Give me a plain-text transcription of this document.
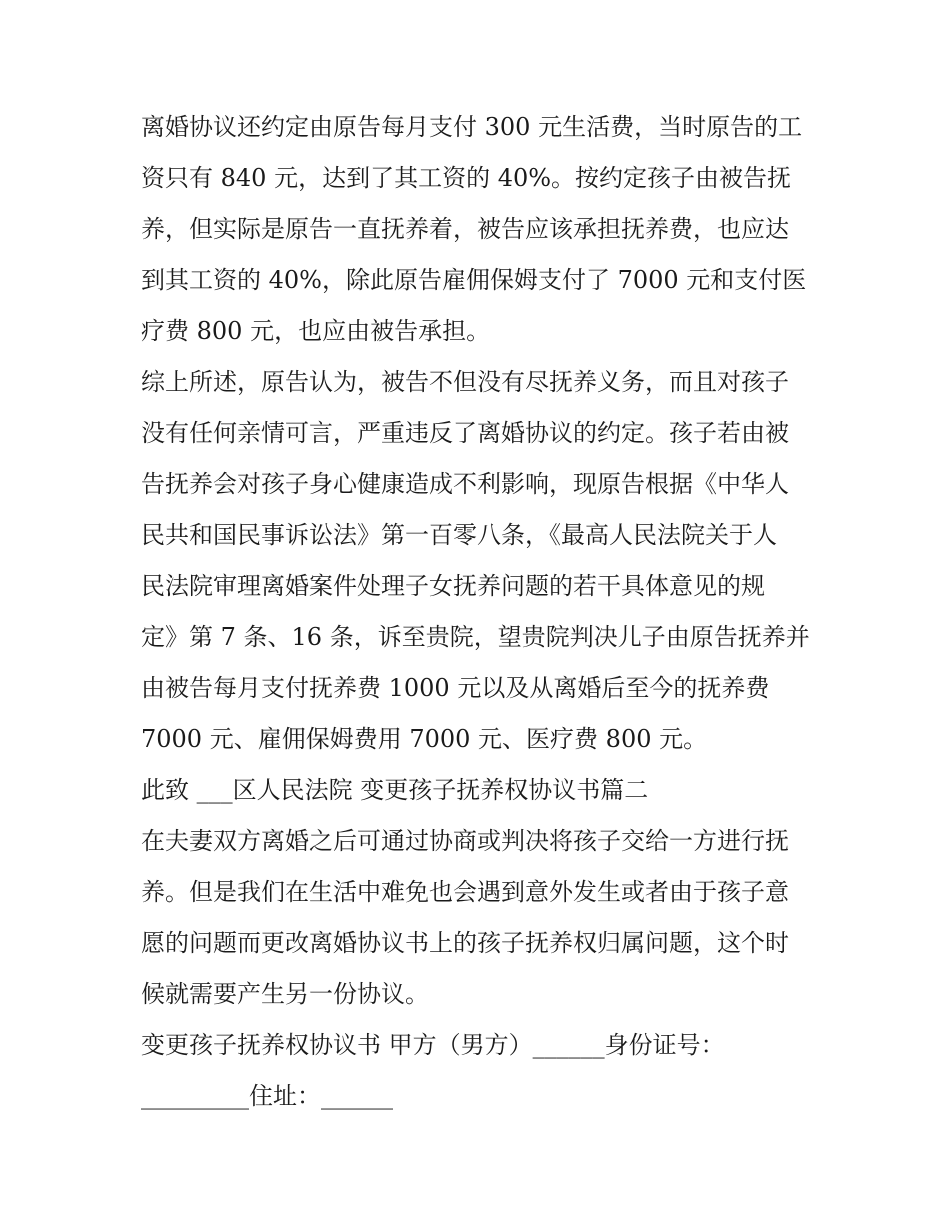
离婚协议还约定由原告每月支付 300 元生活费，当时原告的工
资只有 840 元，达到了其工资的 40%。按约定孩子由被告抚
养，但实际是原告一直抚养着，被告应该承担抚养费，也应达
到其工资的 40%，除此原告雇佣保姆支付了 7000 元和支付医
疗费 800 元，也应由被告承担。
综上所述，原告认为，被告不但没有尽抚养义务，而且对孩子
没有任何亲情可言，严重违反了离婚协议的约定。孩子若由被
告抚养会对孩子身心健康造成不利影响，现原告根据《中华人
民共和国民事诉讼法》第一百零八条，《最高人民法院关于人
民法院审理离婚案件处理子女抚养问题的若干具体意见的规
定》第 7 条、16 条，诉至贵院，望贵院判决儿子由原告抚养并
由被告每月支付抚养费 1000 元以及从离婚后至今的抚养费
7000 元、雇佣保姆费用 7000 元、医疗费 800 元。
此致 ___区人民法院 变更孩子抚养权协议书篇二
在夫妻双方离婚之后可通过协商或判决将孩子交给一方进行抚
养。但是我们在生活中难免也会遇到意外发生或者由于孩子意
愿的问题而更改离婚协议书上的孩子抚养权归属问题，这个时
候就需要产生另一份协议。
变更孩子抚养权协议书 甲方（男方）______身份证号：
_________住址：______
